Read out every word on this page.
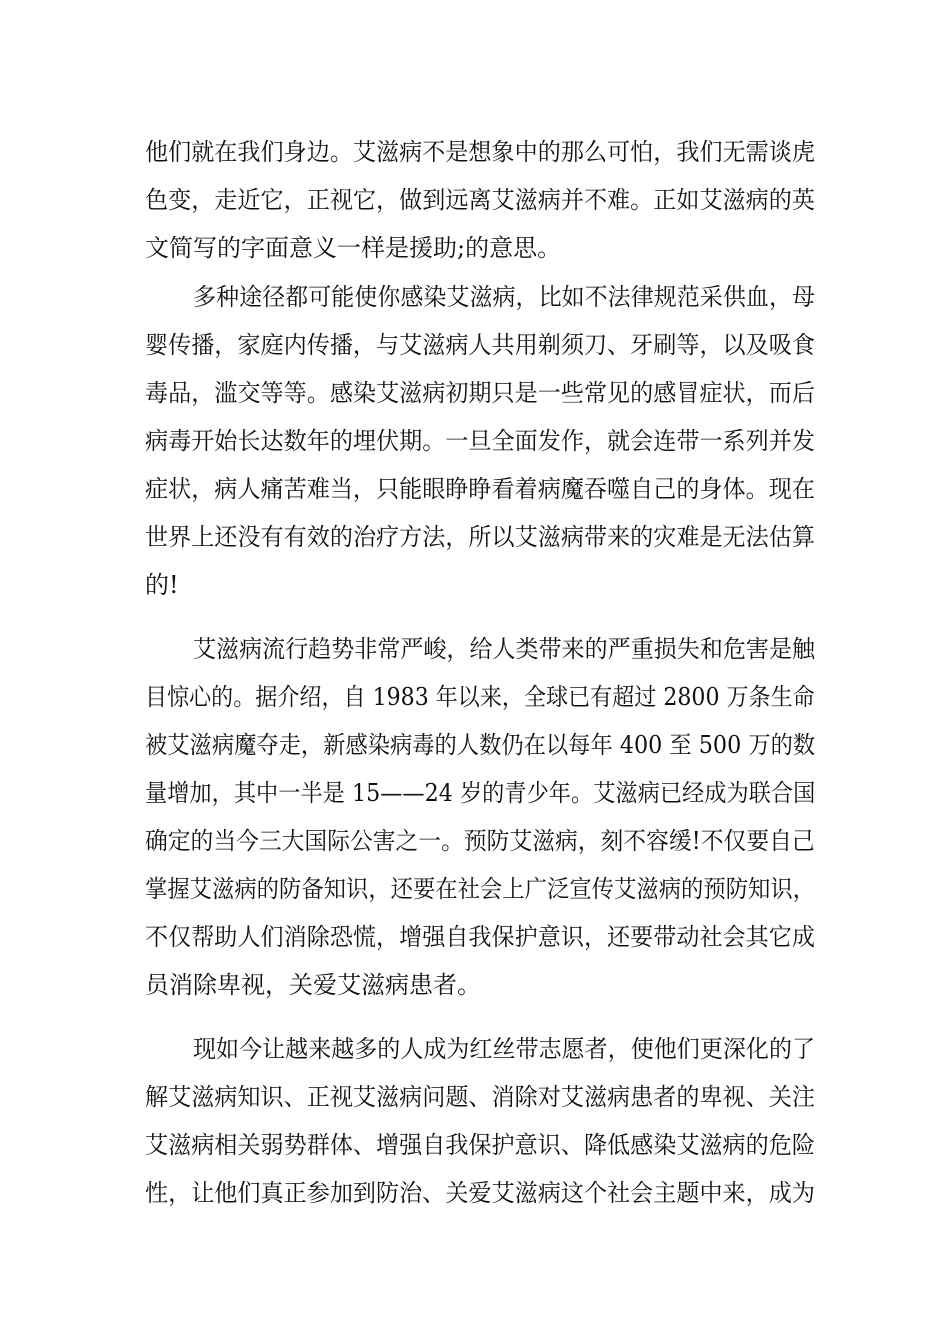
他们就在我们身边。艾滋病不是想象中的那么可怕，我们无需谈虎

色变，走近它，正视它，做到远离艾滋病并不难。正如艾滋病的英

文简写的字面意义一样是援助;的意思。

多种途径都可能使你感染艾滋病，比如不法律规范采供血，母

婴传播，家庭内传播，与艾滋病人共用剃须刀、牙刷等，以及吸食

毒品，滥交等等。感染艾滋病初期只是一些常见的感冒症状，而后

病毒开始长达数年的埋伏期。一旦全面发作，就会连带一系列并发

症状，病人痛苦难当，只能眼睁睁看着病魔吞噬自己的身体。现在

世界上还没有有效的治疗方法，所以艾滋病带来的灾难是无法估算

的!

艾滋病流行趋势非常严峻，给人类带来的严重损失和危害是触

目惊心的。据介绍，自 1983 年以来，全球已有超过 2800 万条生命

被艾滋病魔夺走，新感染病毒的人数仍在以每年 400 至 500 万的数

量增加，其中一半是 15——24 岁的青少年。艾滋病已经成为联合国

确定的当今三大国际公害之一。预防艾滋病，刻不容缓!不仅要自己

掌握艾滋病的防备知识，还要在社会上广泛宣传艾滋病的预防知识，

不仅帮助人们消除恐慌，增强自我保护意识，还要带动社会其它成

员消除卑视，关爱艾滋病患者。

现如今让越来越多的人成为红丝带志愿者，使他们更深化的了

解艾滋病知识、正视艾滋病问题、消除对艾滋病患者的卑视、关注

艾滋病相关弱势群体、增强自我保护意识、降低感染艾滋病的危险

性，让他们真正参加到防治、关爱艾滋病这个社会主题中来，成为
